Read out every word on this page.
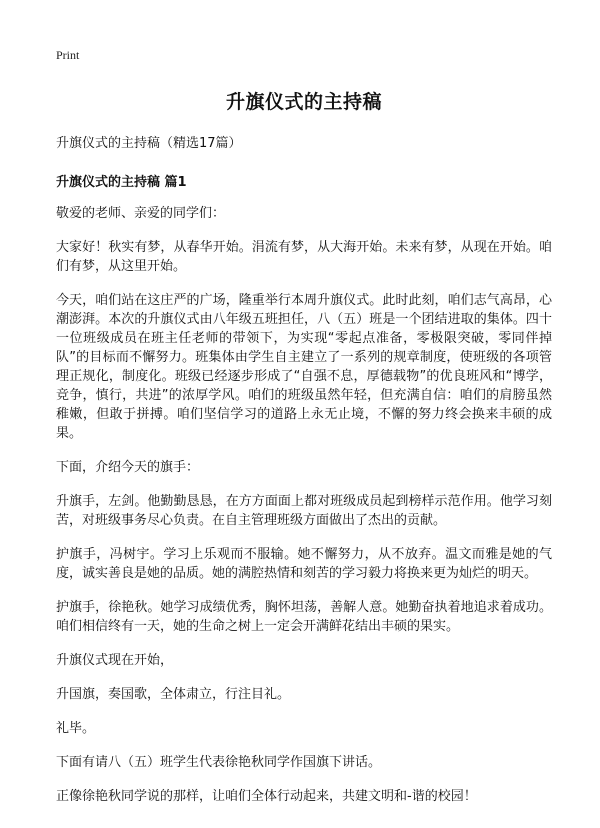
Print
升旗仪式的主持稿

升旗仪式的主持稿（精选17篇）

升旗仪式的主持稿 篇1

敬爱的老师、亲爱的同学们：

大家好！秋实有梦，从春华开始。涓流有梦，从大海开始。未来有梦，从现在开始。咱们有梦，从这里开始。

今天，咱们站在这庄严的广场，隆重举行本周升旗仪式。此时此刻，咱们志气高昂，心潮澎湃。本次的升旗仪式由八年级五班担任，八（五）班是一个团结进取的集体。四十一位班级成员在班主任老师的带领下，为实现“零起点准备，零极限突破，零同伴掉队”的目标而不懈努力。班集体由学生自主建立了一系列的规章制度，使班级的各项管理正规化，制度化。班级已经逐步形成了“自强不息，厚德载物”的优良班风和“博学，竞争，慎行，共进”的浓厚学风。咱们的班级虽然年轻，但充满自信：咱们的肩膀虽然稚嫩，但敢于拼搏。咱们坚信学习的道路上永无止境，不懈的努力终会换来丰硕的成果。

下面，介绍今天的旗手：

升旗手，左剑。他勤勤恳恳，在方方面面上都对班级成员起到榜样示范作用。他学习刻苦，对班级事务尽心负责。在自主管理班级方面做出了杰出的贡献。

护旗手，冯树宇。学习上乐观而不服输。她不懈努力，从不放弃。温文而雅是她的气度，诚实善良是她的品质。她的满腔热情和刻苦的学习毅力将换来更为灿烂的明天。

护旗手，徐艳秋。她学习成绩优秀，胸怀坦荡，善解人意。她勤奋执着地追求着成功。咱们相信终有一天，她的生命之树上一定会开满鲜花结出丰硕的果实。

升旗仪式现在开始，

升国旗，奏国歌，全体肃立，行注目礼。

礼毕。

下面有请八（五）班学生代表徐艳秋同学作国旗下讲话。

正像徐艳秋同学说的那样，让咱们全体行动起来，共建文明和-谐的校园！
